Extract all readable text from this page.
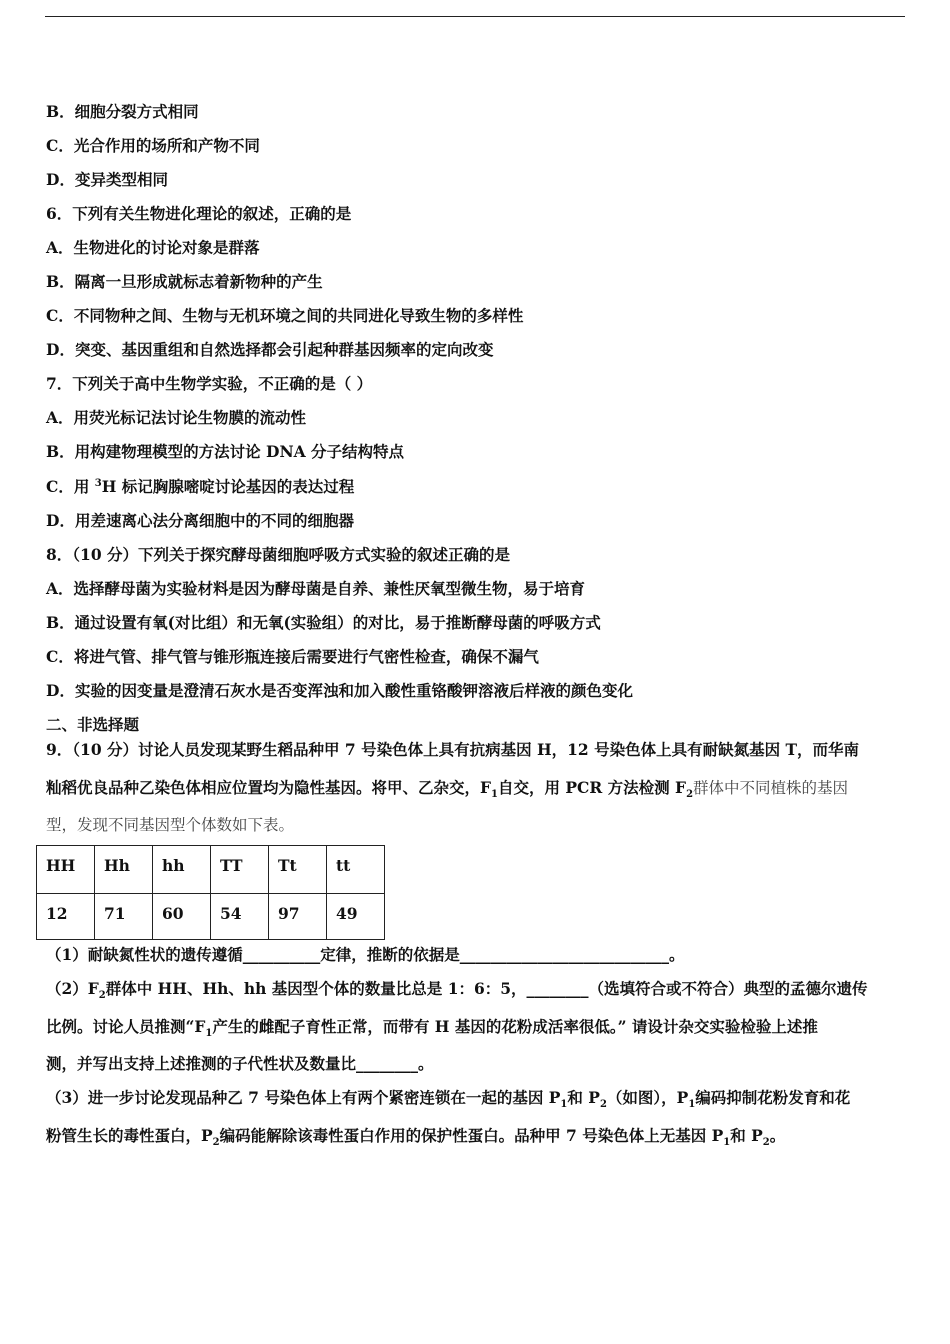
B．细胞分裂方式相同
C．光合作用的场所和产物不同
D．变异类型相同
6．下列有关生物进化理论的叙述，正确的是
A．生物进化的讨论对象是群落
B．隔离一旦形成就标志着新物种的产生
C．不同物种之间、生物与无机环境之间的共同进化导致生物的多样性
D．突变、基因重组和自然选择都会引起种群基因频率的定向改变
7．下列关于高中生物学实验，不正确的是（ ）
A．用荧光标记法讨论生物膜的流动性
B．用构建物理模型的方法讨论 DNA 分子结构特点
C．用 $^3$H 标记胸腺嘧啶讨论基因的表达过程
D．用差速离心法分离细胞中的不同的细胞器
8．（10 分）下列关于探究酵母菌细胞呼吸方式实验的叙述正确的是
A．选择酵母菌为实验材料是因为酵母菌是自养、兼性厌氧型微生物，易于培育
B．通过设置有氧(对比组）和无氧(实验组）的对比，易于推断酵母菌的呼吸方式
C．将进气管、排气管与锥形瓶连接后需要进行气密性检查，确保不漏气
D．实验的因变量是澄清石灰水是否变浑浊和加入酸性重铬酸钾溶液后样液的颜色变化
二、非选择题
9．（10 分）讨论人员发现某野生稻品种甲 7 号染色体上具有抗病基因 H，12 号染色体上具有耐缺氮基因 T，而华南
籼稻优良品种乙染色体相应位置均为隐性基因。将甲、乙杂交，$F_1$自交，用 PCR 方法检测 $F_2$群体中不同植株的基因
型，发现不同基因型个体数如下表。
HH	Hh	hh	TT	Tt	tt
12	71	60	54	97	49
（1）耐缺氮性状的遗传遵循__________定律，推断的依据是___________________________。
$(2)F_2$群体中 HH、Hh、hh 基因型个体的数量比总是 1：6：5，________（选填符合或不符合）典型的孟德尔遗传
比例。讨论人员推测“$F_1$产生的雌配子育性正常，而带有 H 基因的花粉成活率很低。” 请设计杂交实验检验上述推
测，并写出支持上述推测的子代性状及数量比________。
（3）进一步讨论发现品种乙 7 号染色体上有两个紧密连锁在一起的基因 $P_1$和 $P_2$（如图），$P_1$编码抑制花粉发育和花
粉管生长的毒性蛋白，$P_2$编码能解除该毒性蛋白作用的保护性蛋白。品种甲 7 号染色体上无基因 $P_1$和 $P_2$。
